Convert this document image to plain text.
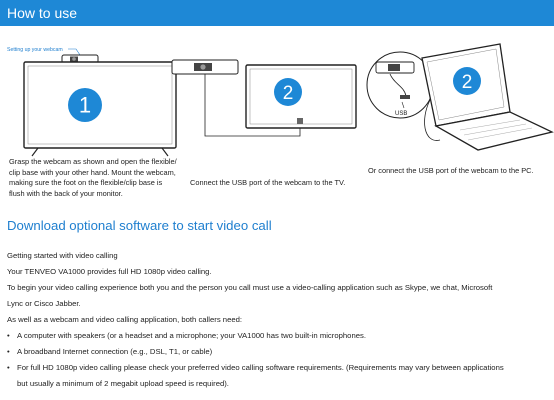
How to use
Setting up your webcam
1
Grasp the webcam as shown and open the flexible/
clip base with your other hand. Mount the webcam,
making sure the foot on the flexible/clip base is
flush with the back of your monitor.
2
Connect the USB port of the webcam to the TV.
USB
2
Or connect the USB port of the webcam to the PC.
Download optional software to start video call
Getting started with video calling
Your TENVEO VA1000 provides full HD 1080p video calling.
To begin your video calling experience both you and the person you call must use a video-calling application such as Skype, we chat, Microsoft
Lync or Cisco Jabber.
As well as a webcam and video calling application, both callers need:
• A computer with speakers (or a headset and a microphone; your VA1000 has two built-in microphones.
• A broadband Internet connection (e.g., DSL, T1, or cable)
• For full HD 1080p video calling please check your preferred video calling software requirements. (Requirements may vary between applications
but usually a minimum of 2 megabit upload speed is required).
